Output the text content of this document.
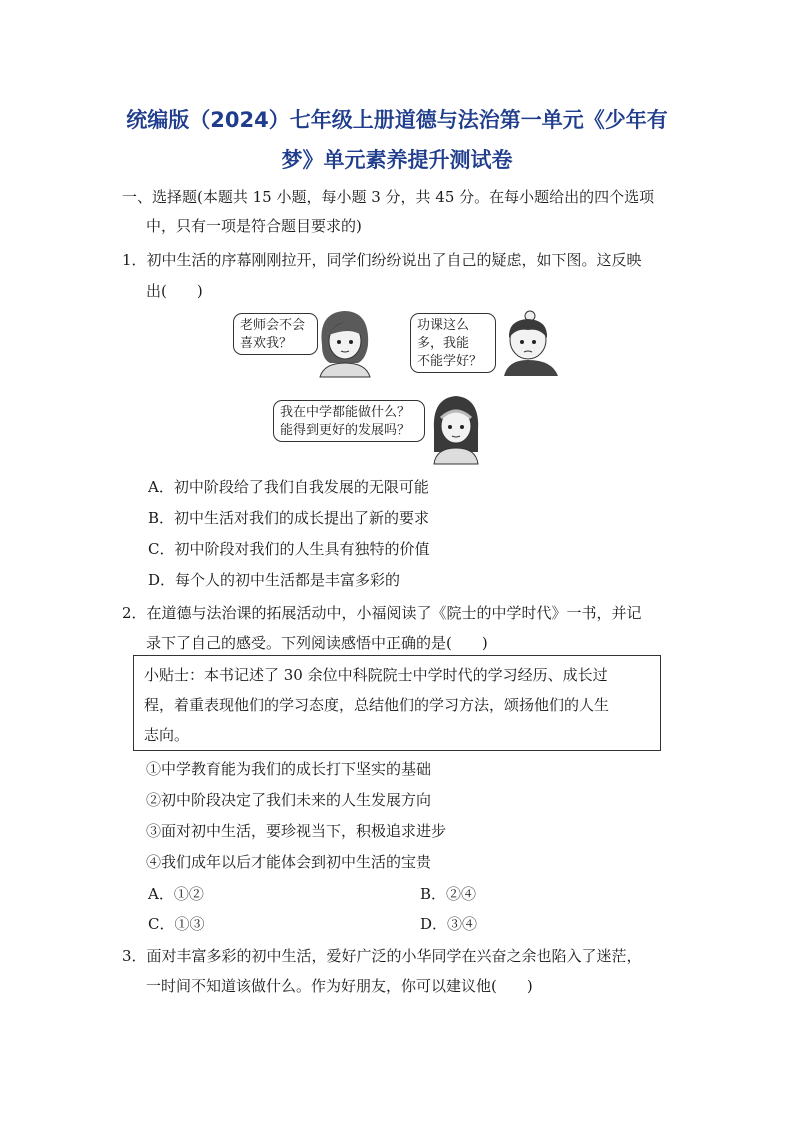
统编版（2024）七年级上册道德与法治第一单元《少年有
梦》单元素养提升测试卷
一、选择题(本题共 15 小题，每小题 3 分，共 45 分。在每小题给出的四个选项
中，只有一项是符合题目要求的)
1．初中生活的序幕刚刚拉开，同学们纷纷说出了自己的疑虑，如下图。这反映
出(　　)
老师会不会
喜欢我？
功课这么
多，我能
不能学好？
我在中学都能做什么？
能得到更好的发展吗？
A．初中阶段给了我们自我发展的无限可能
B．初中生活对我们的成长提出了新的要求
C．初中阶段对我们的人生具有独特的价值
D．每个人的初中生活都是丰富多彩的
2．在道德与法治课的拓展活动中，小福阅读了《院士的中学时代》一书，并记
录下了自己的感受。下列阅读感悟中正确的是(　　)
小贴士：本书记述了 30 余位中科院院士中学时代的学习经历、成长过
程，着重表现他们的学习态度，总结他们的学习方法，颂扬他们的人生
志向。
①中学教育能为我们的成长打下坚实的基础
②初中阶段决定了我们未来的人生发展方向
③面对初中生活，要珍视当下，积极追求进步
④我们成年以后才能体会到初中生活的宝贵
A．①②	B．②④
C．①③	D．③④
3．面对丰富多彩的初中生活，爱好广泛的小华同学在兴奋之余也陷入了迷茫，
一时间不知道该做什么。作为好朋友，你可以建议他(　　)
